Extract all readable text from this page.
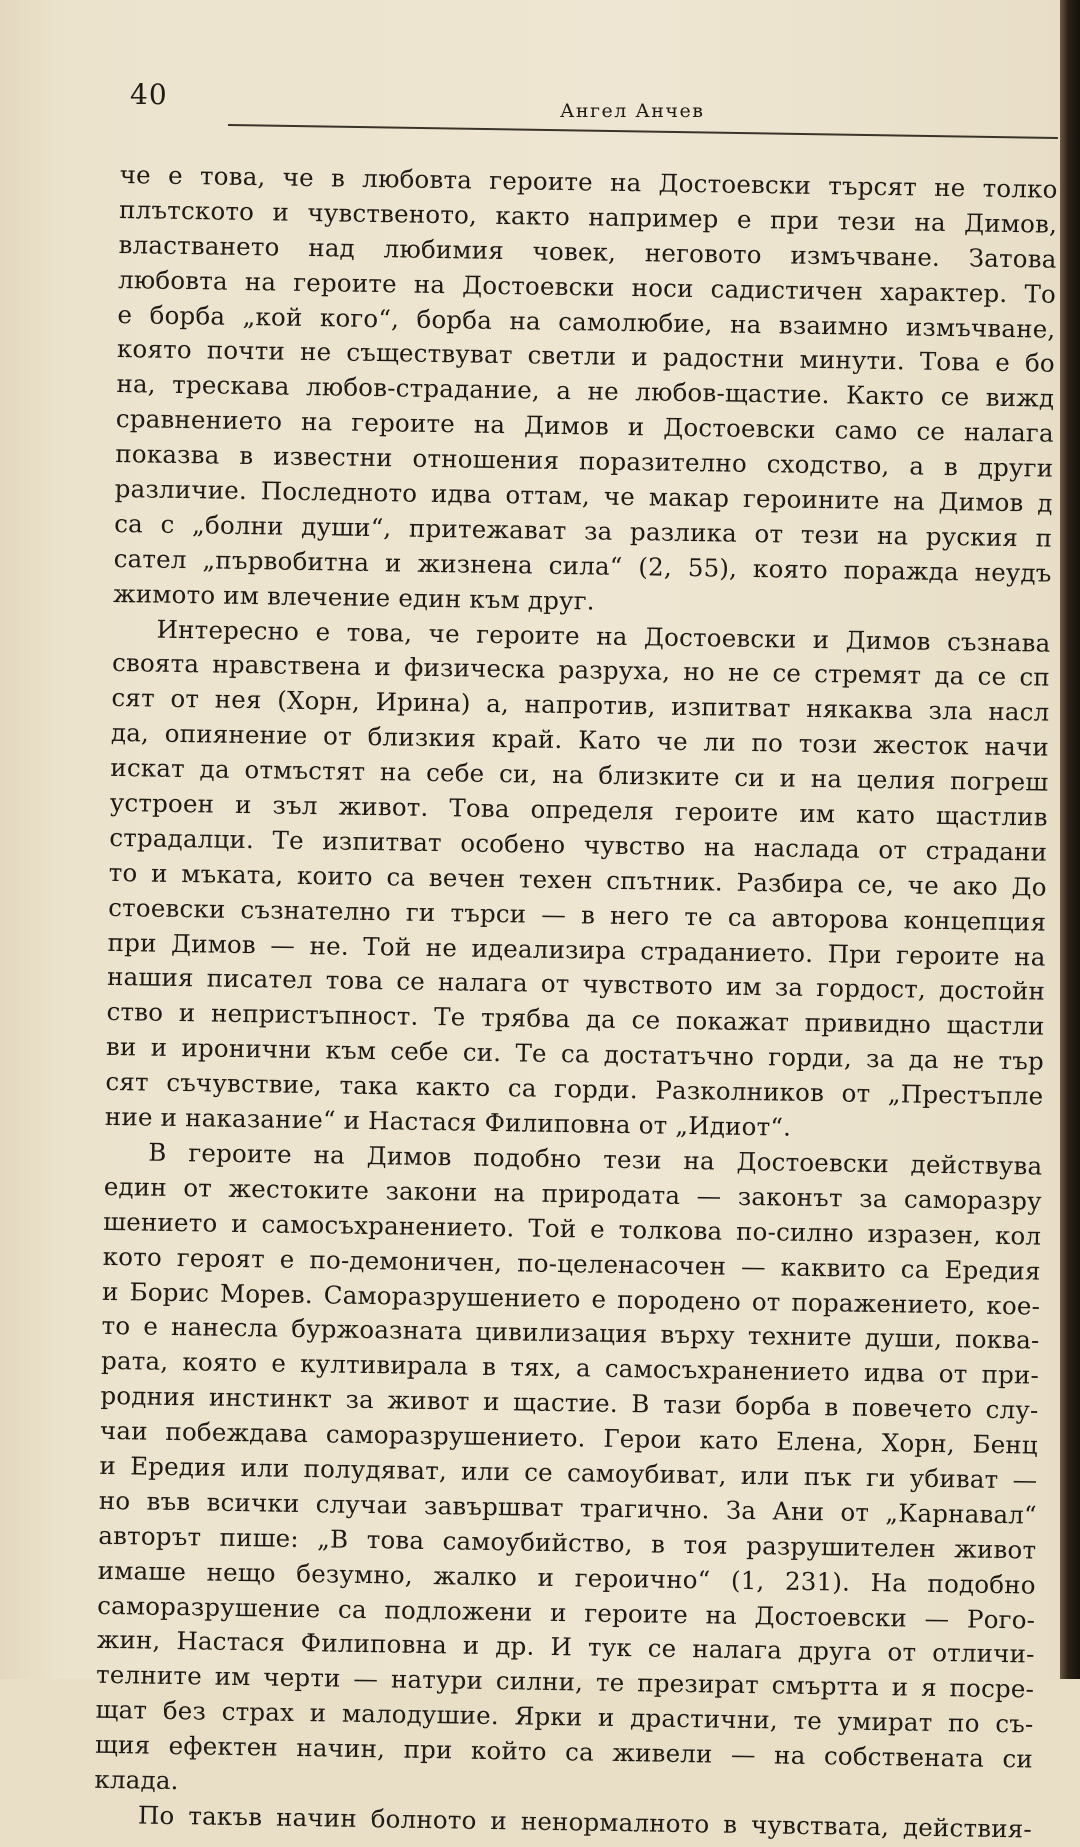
40	Ангел Анчев
че е това, че в любовта героите на Достоевски търсят не толко
плътското и чувственото, както например е при тези на Димов,
властването над любимия човек, неговото измъчване. Затова
любовта на героите на Достоевски носи садистичен характер. То
е борба „кой кого“, борба на самолюбие, на взаимно измъчване,
която почти не съществуват светли и радостни минути. Това е бо
на, трескава любов-страдание, а не любов-щастие. Както се вижд
сравнението на героите на Димов и Достоевски само се налага
показва в известни отношения поразително сходство, а в други
различие. Последното идва оттам, че макар героините на Димов д
са с „болни души“, притежават за разлика от тези на руския п
сател „първобитна и жизнена сила“ (2, 55), която поражда неудъ
жимото им влечение един към друг.
Интересно е това, че героите на Достоевски и Димов съзнава
своята нравствена и физическа разруха, но не се стремят да се сп
сят от нея (Хорн, Ирина) а, напротив, изпитват някаква зла насл
да, опиянение от близкия край. Като че ли по този жесток начи
искат да отмъстят на себе си, на близките си и на целия погреш
устроен и зъл живот. Това определя героите им като щастлив
страдалци. Те изпитват особено чувство на наслада от страдани
то и мъката, които са вечен техен спътник. Разбира се, че ако До
стоевски съзнателно ги търси — в него те са авторова концепция
при Димов — не. Той не идеализира страданието. При героите на
нашия писател това се налага от чувството им за гордост, достойн
ство и непристъпност. Те трябва да се покажат привидно щастли
ви и иронични към себе си. Те са достатъчно горди, за да не тър
сят съчувствие, така както са горди. Разколников от „Престъпле
ние и наказание“ и Настася Филиповна от „Идиот“.
В героите на Димов подобно тези на Достоевски действува
един от жестоките закони на природата — законът за саморазру
шението и самосъхранението. Той е толкова по-силно изразен, кол
кото героят е по-демоничен, по-целенасочен — каквито са Ередия
и Борис Морев. Саморазрушението е породено от поражението, кое-
то е нанесла буржоазната цивилизация върху техните души, поква-
рата, която е култивирала в тях, а самосъхранението идва от при-
родния инстинкт за живот и щастие. В тази борба в повечето слу-
чаи побеждава саморазрушението. Герои като Елена, Хорн, Бенц
и Ередия или полудяват, или се самоубиват, или пък ги убиват —
но във всички случаи завършват трагично. За Ани от „Карнавал“
авторът пише: „В това самоубийство, в тоя разрушителен живот
имаше нещо безумно, жалко и героично“ (1, 231). На подобно
саморазрушение са подложени и героите на Достоевски — Рого-
жин, Настася Филиповна и др. И тук се налага друга от отличи-
телните им черти — натури силни, те презират смъртта и я посре-
щат без страх и малодушие. Ярки и драстични, те умират по съ-
щия ефектен начин, при който са живели — на собствената си
клада.
По такъв начин болното и ненормалното в чувствата, действия-
